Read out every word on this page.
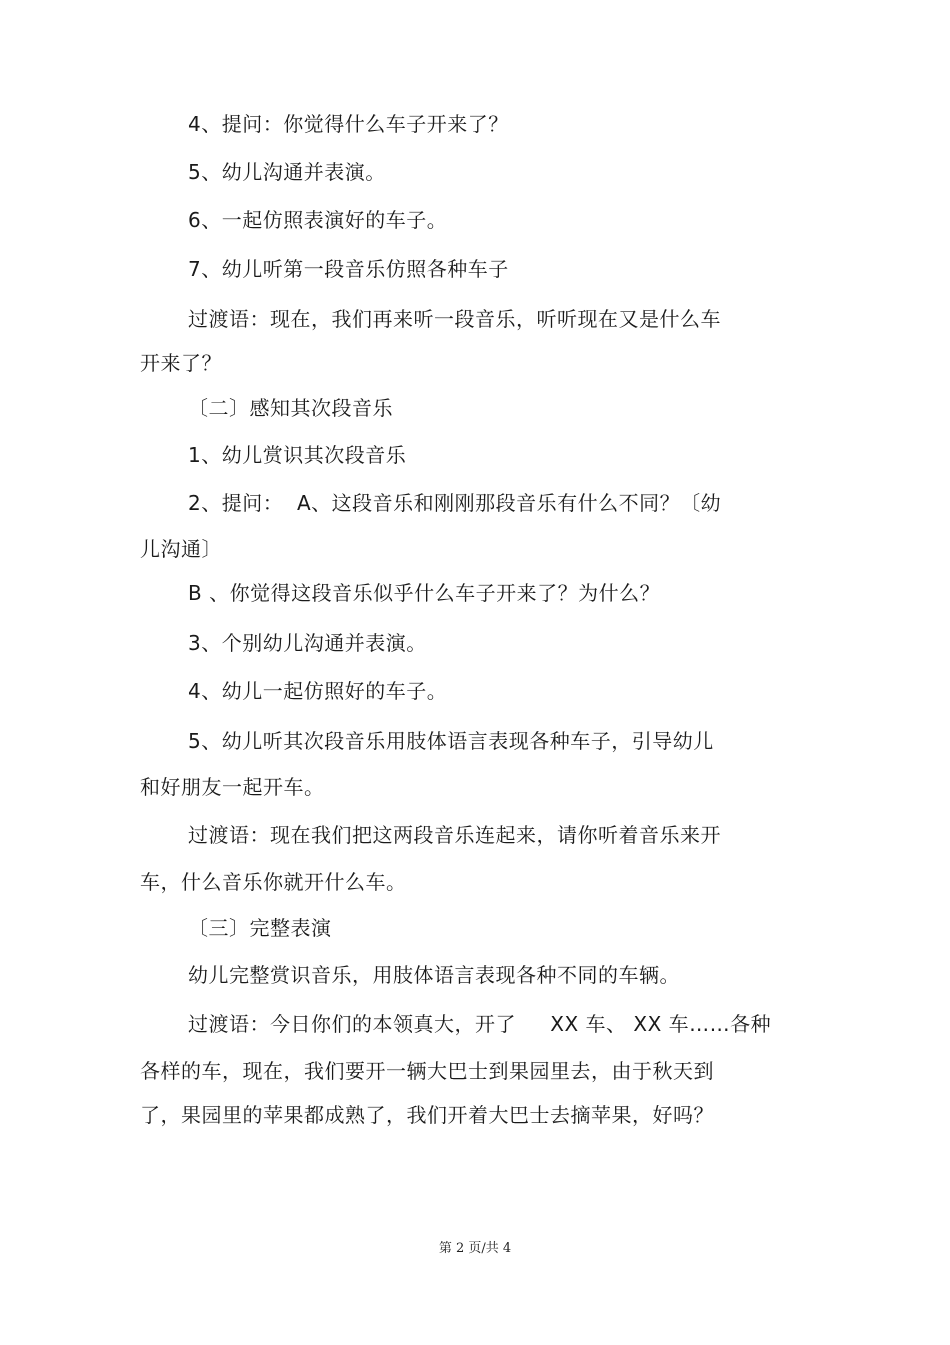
4、提问：你觉得什么车子开来了？
5、幼儿沟通并表演。
6、一起仿照表演好的车子。
7、幼儿听第一段音乐仿照各种车子
过渡语：现在，我们再来听一段音乐，听听现在又是什么车
开来了？
〔二〕感知其次段音乐
1、幼儿赏识其次段音乐
2、提问：  A、这段音乐和刚刚那段音乐有什么不同？〔幼
儿沟通〕
B 、你觉得这段音乐似乎什么车子开来了？为什么？
3、个别幼儿沟通并表演。
4、幼儿一起仿照好的车子。
5、幼儿听其次段音乐用肢体语言表现各种车子，引导幼儿
和好朋友一起开车。
过渡语：现在我们把这两段音乐连起来，请你听着音乐来开
车，什么音乐你就开什么车。
〔三〕完整表演
幼儿完整赏识音乐，用肢体语言表现各种不同的车辆。
过渡语：今日你们的本领真大，开了     XX 车、 XX 车……各种
各样的车，现在，我们要开一辆大巴士到果园里去，由于秋天到
了，果园里的苹果都成熟了，我们开着大巴士去摘苹果，好吗？
第 2 页/共 4
